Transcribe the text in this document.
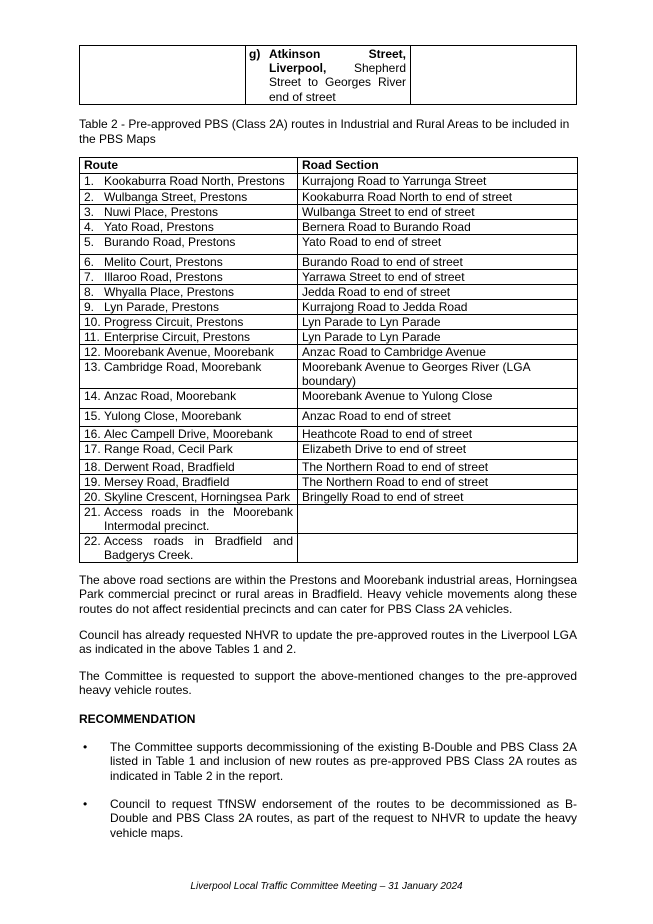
g) Atkinson Street, Liverpool, Shepherd Street to Georges River end of street

Table 2 - Pre-approved PBS (Class 2A) routes in Industrial and Rural Areas to be included in the PBS Maps
Route	Road Section

1. Kookaburra Road North, Prestons	Kurrajong Road to Yarrunga Street

2. Wulbanga Street, Prestons	Kookaburra Road North to end of street

3. Nuwi Place, Prestons	Wulbanga Street to end of street

4. Yato Road, Prestons	Bernera Road to Burando Road

5. Burando Road, Prestons	Yato Road to end of street

6. Melito Court, Prestons	Burando Road to end of street

7. Illaroo Road, Prestons	Yarrawa Street to end of street

8. Whyalla Place, Prestons	Jedda Road to end of street

9. Lyn Parade, Prestons	Kurrajong Road to Jedda Road

10. Progress Circuit, Prestons	Lyn Parade to Lyn Parade

11. Enterprise Circuit, Prestons	Lyn Parade to Lyn Parade

12. Moorebank Avenue, Moorebank	Anzac Road to Cambridge Avenue

13. Cambridge Road, Moorebank	Moorebank Avenue to Georges River (LGA boundary)

14. Anzac Road, Moorebank	Moorebank Avenue to Yulong Close

15. Yulong Close, Moorebank	Anzac Road to end of street

16. Alec Campell Drive, Moorebank	Heathcote Road to end of street

17. Range Road, Cecil Park	Elizabeth Drive to end of street

18. Derwent Road, Bradfield	The Northern Road to end of street

19. Mersey Road, Bradfield	The Northern Road to end of street

20. Skyline Crescent, Horningsea Park	Bringelly Road to end of street

21. Access roads in the Moorebank Intermodal precinct.	

22. Access roads in Bradfield and Badgerys Creek.	

The above road sections are within the Prestons and Moorebank industrial areas, Horningsea Park commercial precinct or rural areas in Bradfield. Heavy vehicle movements along these routes do not affect residential precincts and can cater for PBS Class 2A vehicles.

Council has already requested NHVR to update the pre-approved routes in the Liverpool LGA as indicated in the above Tables 1 and 2.

The Committee is requested to support the above-mentioned changes to the pre-approved heavy vehicle routes.

RECOMMENDATION
•	The Committee supports decommissioning of the existing B-Double and PBS Class 2A listed in Table 1 and inclusion of new routes as pre-approved PBS Class 2A routes as indicated in Table 2 in the report.
•	Council to request TfNSW endorsement of the routes to be decommissioned as B-Double and PBS Class 2A routes, as part of the request to NHVR to update the heavy vehicle maps.
Liverpool Local Traffic Committee Meeting – 31 January 2024
